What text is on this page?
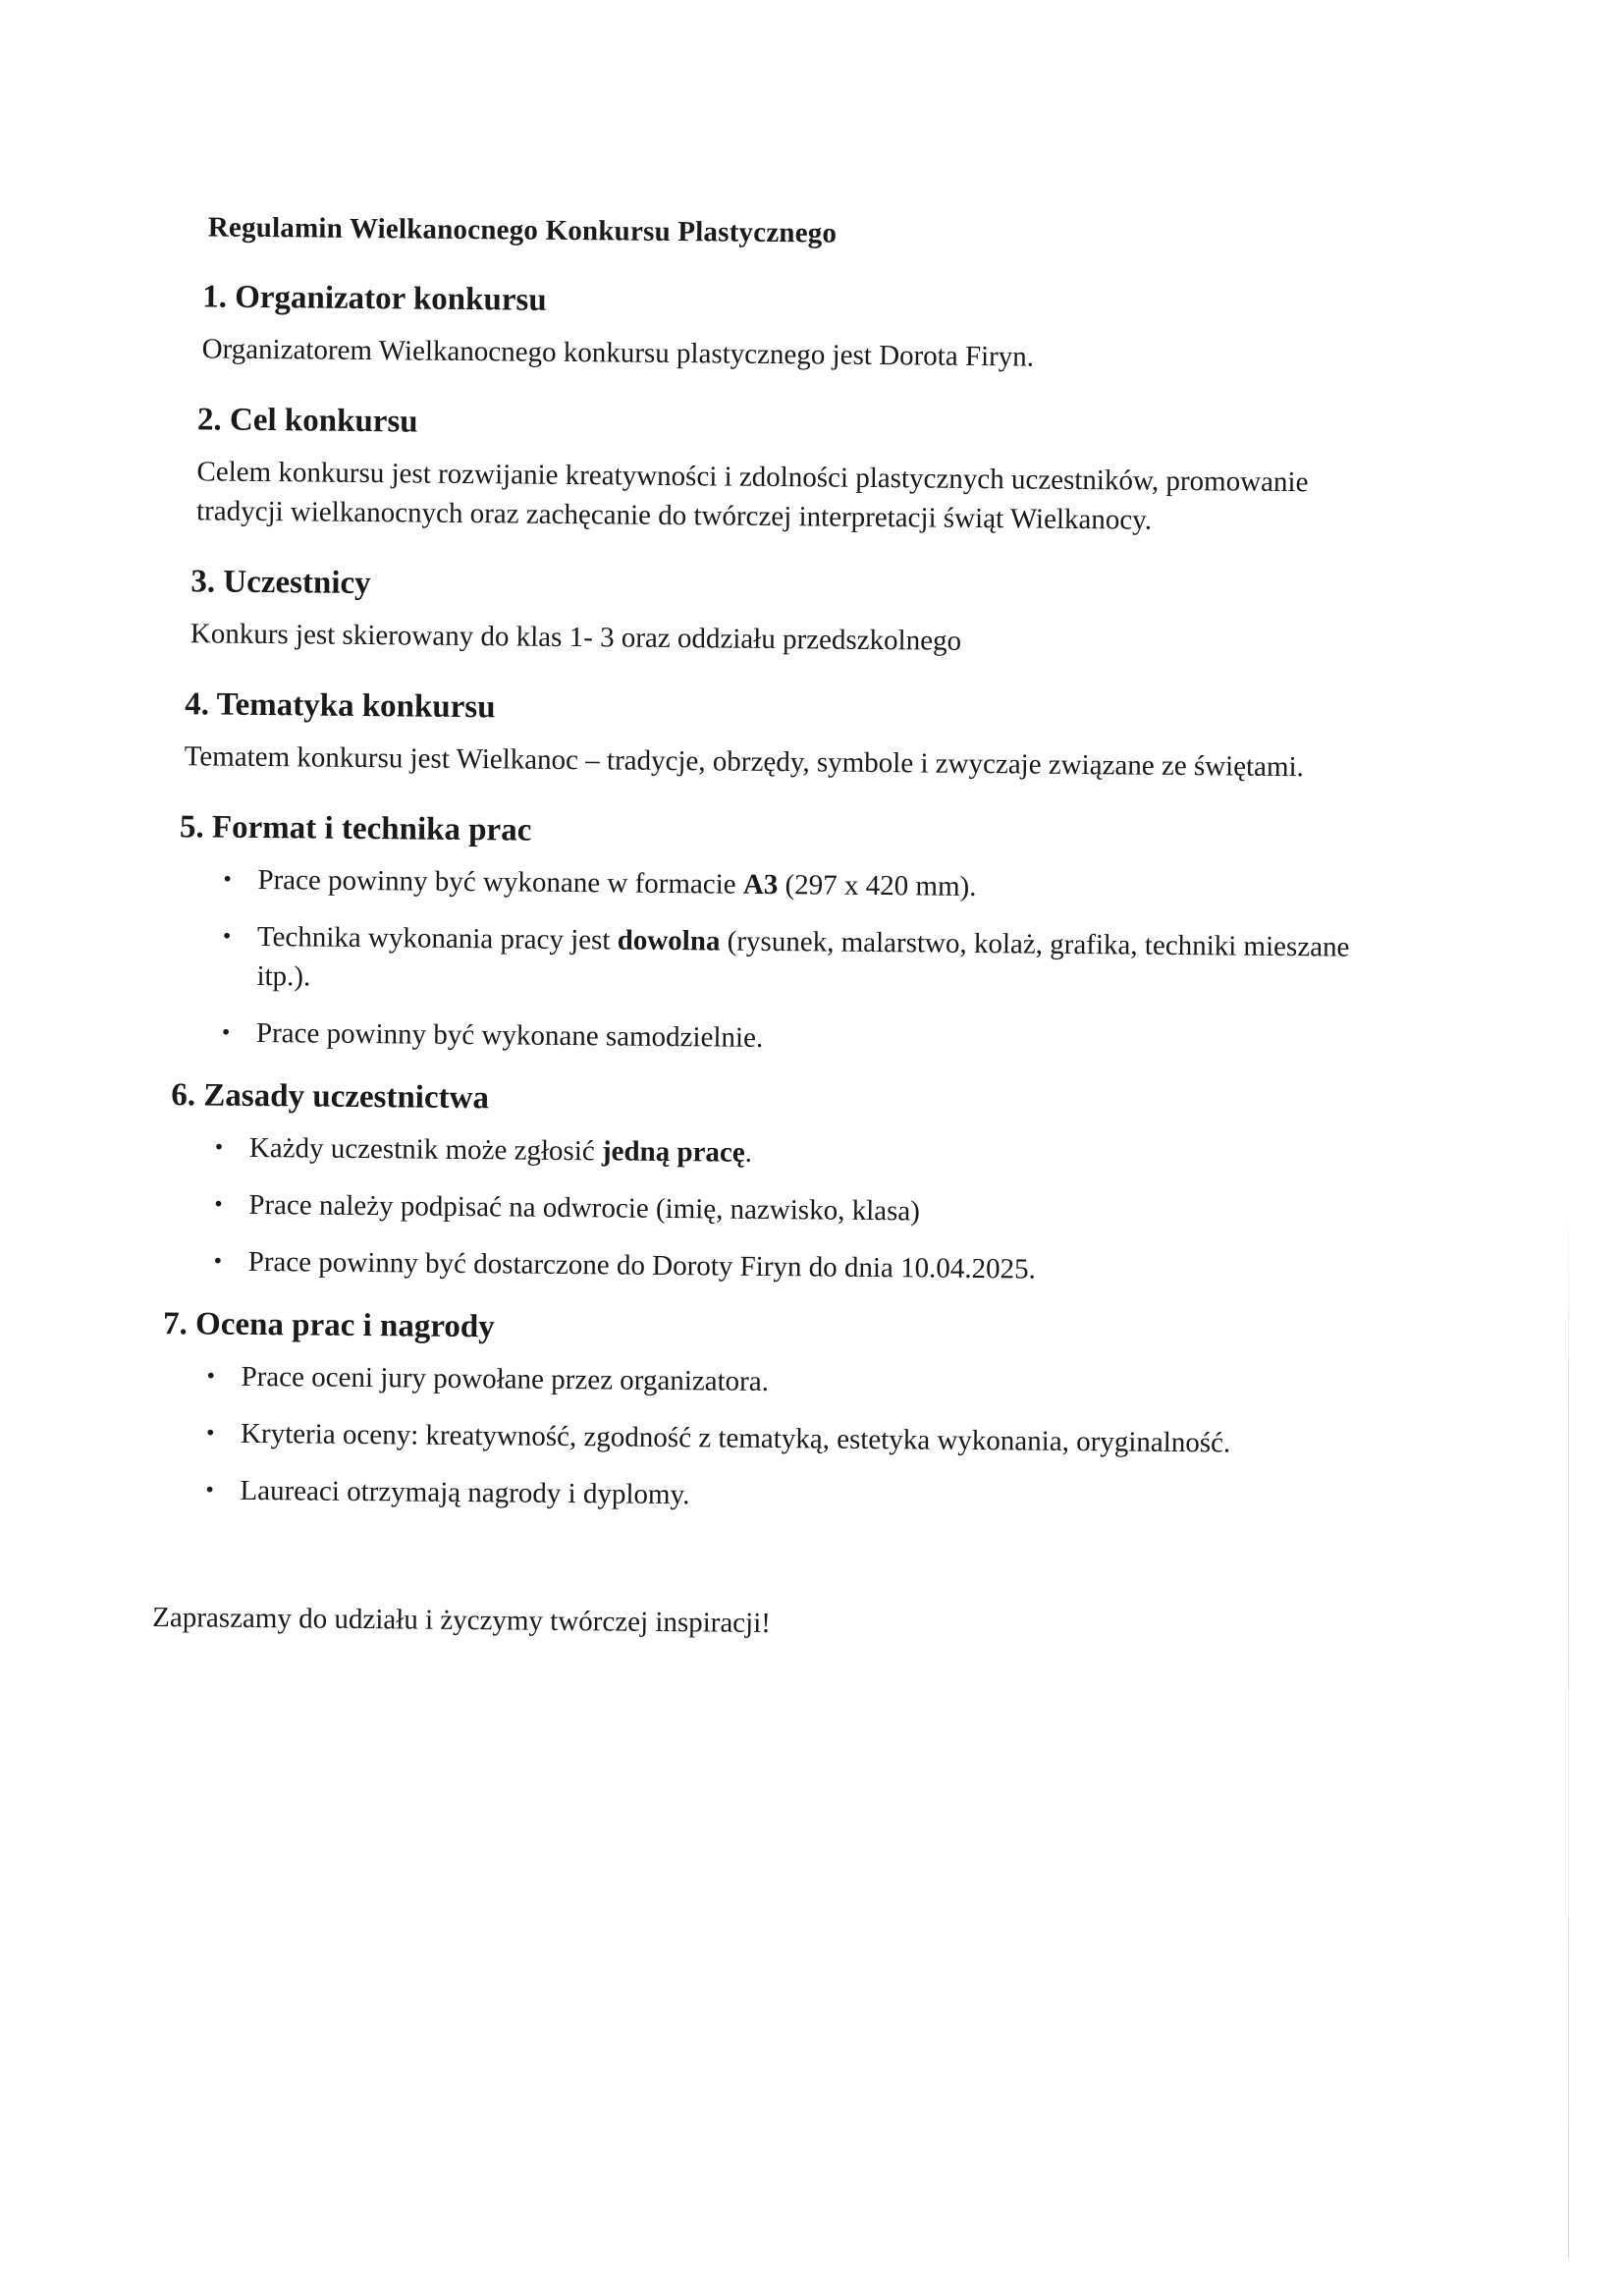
Regulamin Wielkanocnego Konkursu Plastycznego
1. Organizator konkursu
Organizatorem Wielkanocnego konkursu plastycznego jest Dorota Firyn.
2. Cel konkursu
Celem konkursu jest rozwijanie kreatywności i zdolności plastycznych uczestników, promowanie tradycji wielkanocnych oraz zachęcanie do twórczej interpretacji świąt Wielkanocy.
3. Uczestnicy
Konkurs jest skierowany do klas 1- 3 oraz oddziału przedszkolnego
4. Tematyka konkursu
Tematem konkursu jest Wielkanoc – tradycje, obrzędy, symbole i zwyczaje związane ze świętami.
5. Format i technika prac
• Prace powinny być wykonane w formacie A3 (297 x 420 mm).
• Technika wykonania pracy jest dowolna (rysunek, malarstwo, kolaż, grafika, techniki mieszane itp.).
• Prace powinny być wykonane samodzielnie.
6. Zasady uczestnictwa
• Każdy uczestnik może zgłosić jedną pracę.
• Prace należy podpisać na odwrocie (imię, nazwisko, klasa)
• Prace powinny być dostarczone do Doroty Firyn do dnia 10.04.2025.
7. Ocena prac i nagrody
• Prace oceni jury powołane przez organizatora.
• Kryteria oceny: kreatywność, zgodność z tematyką, estetyka wykonania, oryginalność.
• Laureaci otrzymają nagrody i dyplomy.
Zapraszamy do udziału i życzymy twórczej inspiracji!
